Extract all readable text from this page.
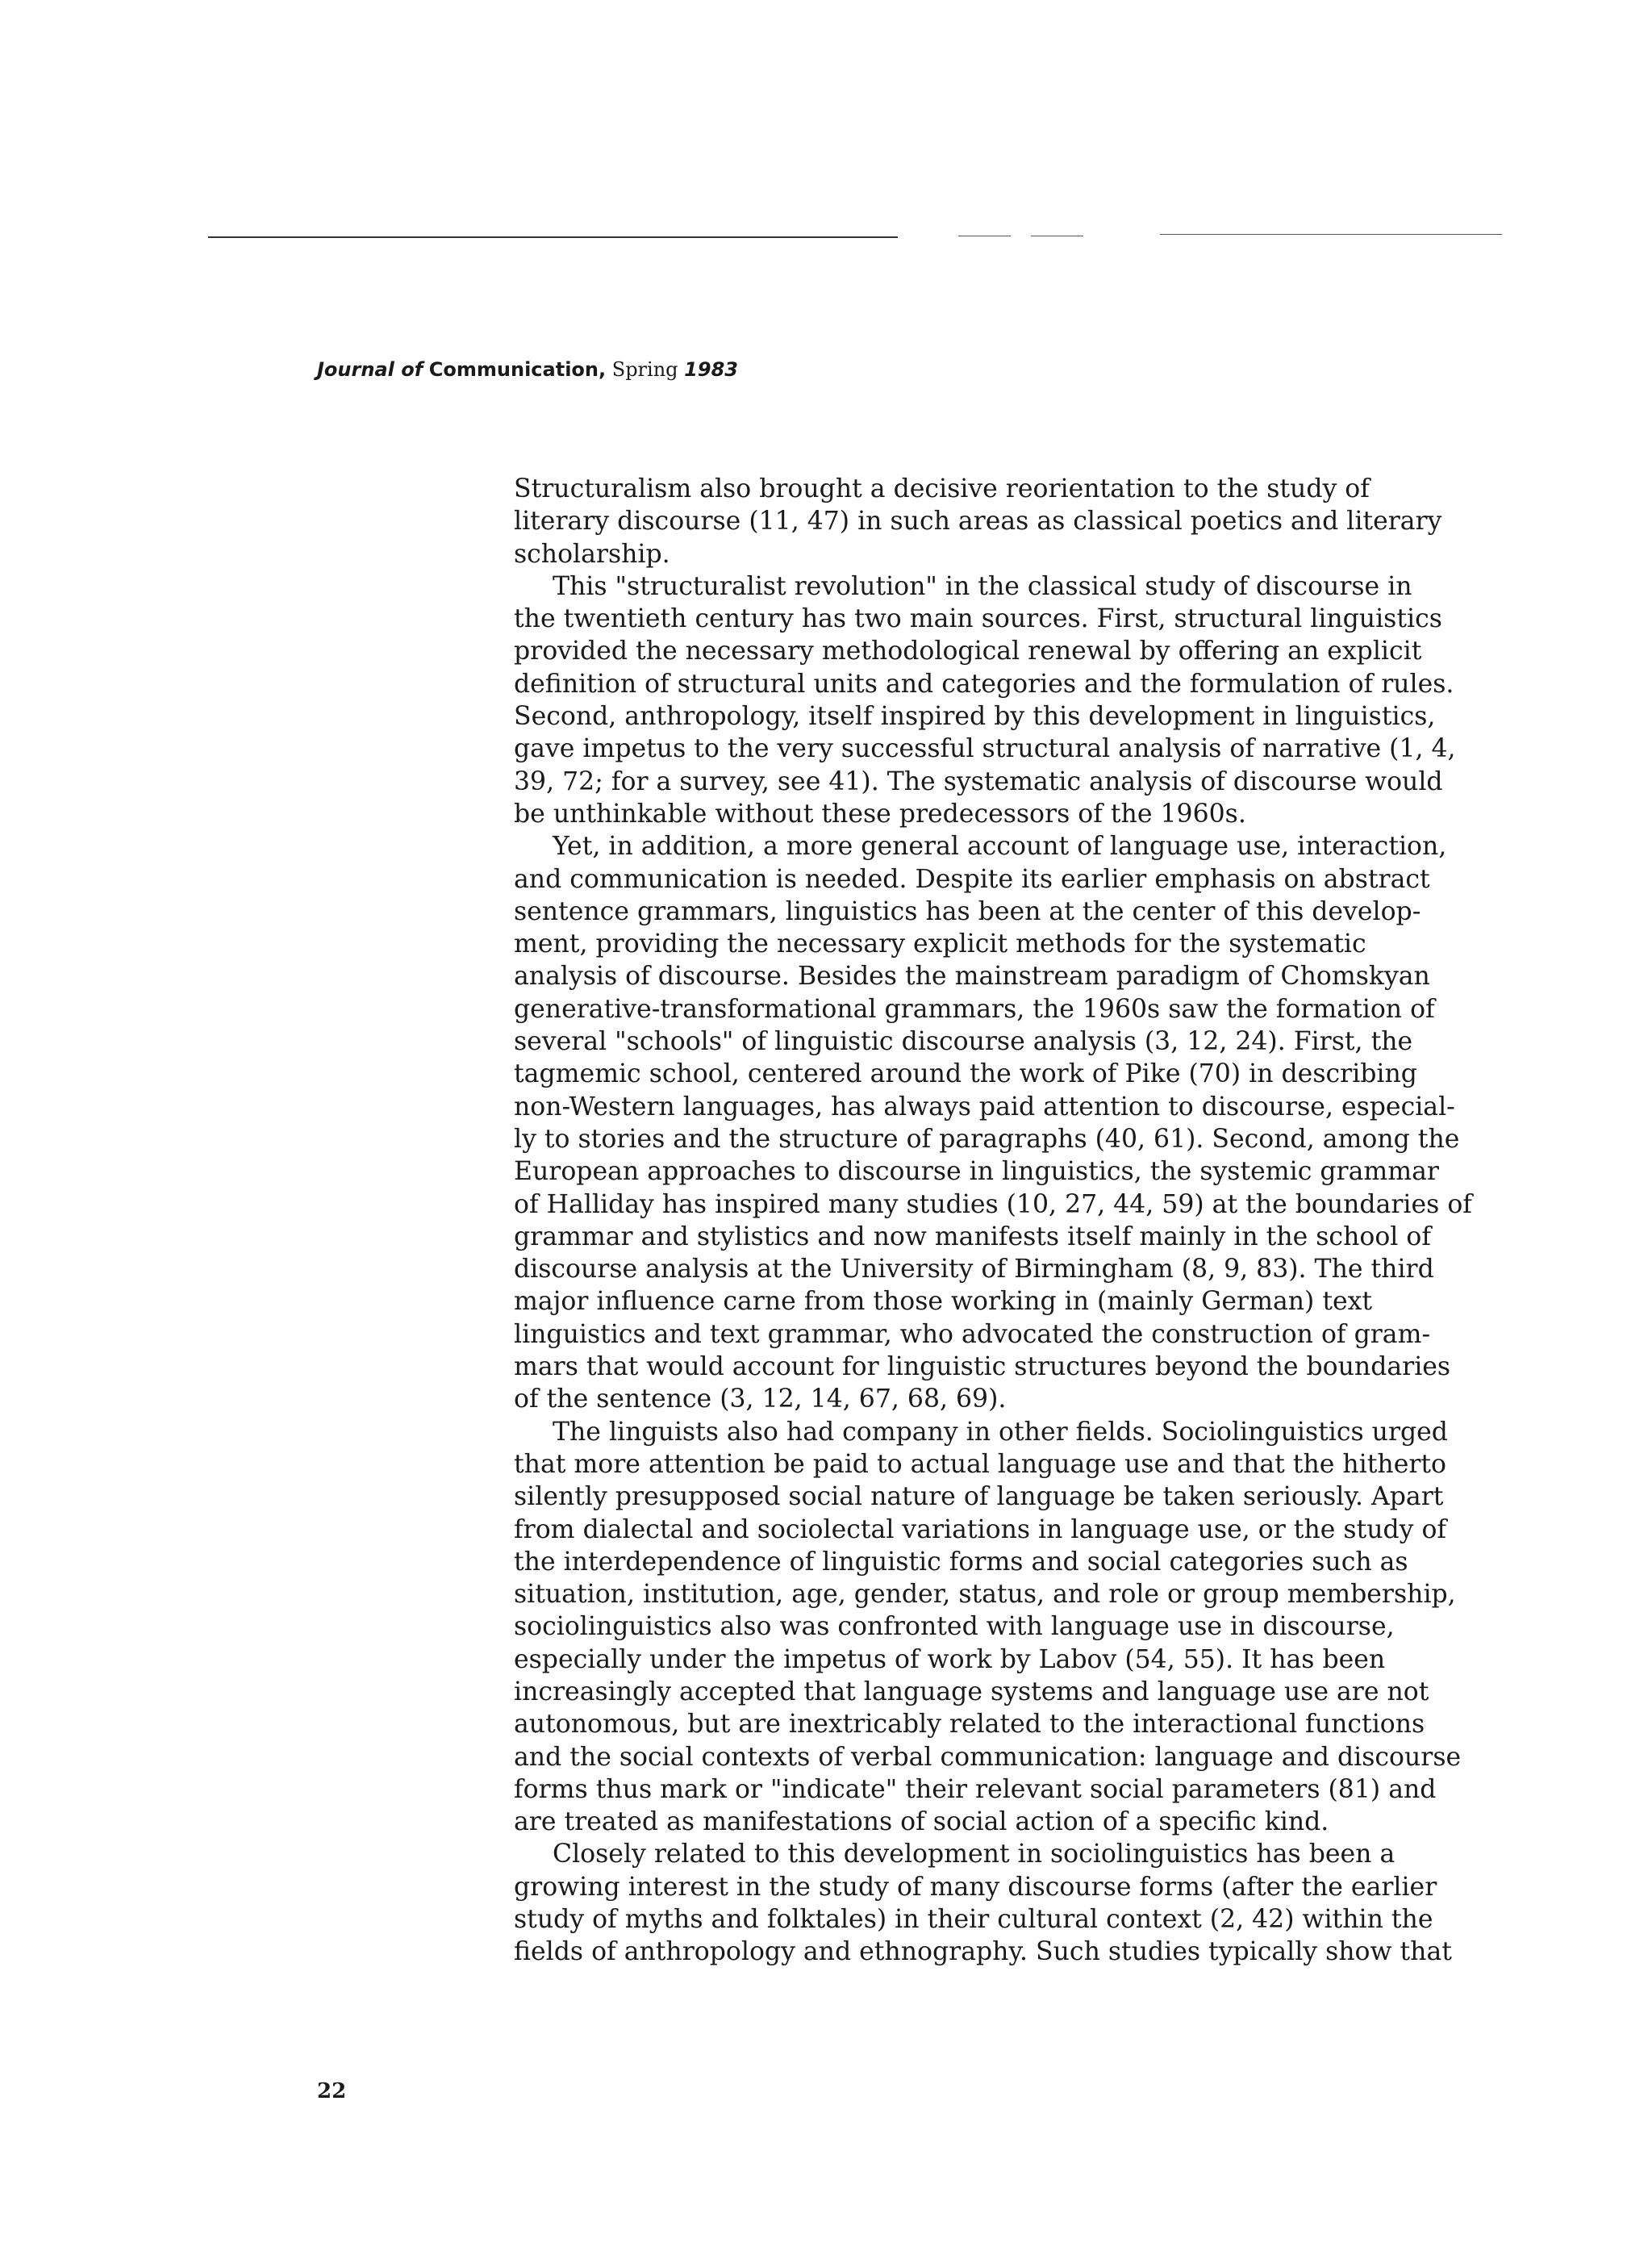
Journal of Communication, Spring 1983
Structuralism also brought a decisive reorientation to the study of
literary discourse (11, 47) in such areas as classical poetics and literary
scholarship.
This "structuralist revolution" in the classical study of discourse in
the twentieth century has two main sources. First, structural linguistics
provided the necessary methodological renewal by offering an explicit
definition of structural units and categories and the formulation of rules.
Second, anthropology, itself inspired by this development in linguistics,
gave impetus to the very successful structural analysis of narrative (1, 4,
39, 72; for a survey, see 41). The systematic analysis of discourse would
be unthinkable without these predecessors of the 1960s.
Yet, in addition, a more general account of language use, interaction,
and communication is needed. Despite its earlier emphasis on abstract
sentence grammars, linguistics has been at the center of this develop-
ment, providing the necessary explicit methods for the systematic
analysis of discourse. Besides the mainstream paradigm of Chomskyan
generative-transformational grammars, the 1960s saw the formation of
several "schools" of linguistic discourse analysis (3, 12, 24). First, the
tagmemic school, centered around the work of Pike (70) in describing
non-Western languages, has always paid attention to discourse, especial-
ly to stories and the structure of paragraphs (40, 61). Second, among the
European approaches to discourse in linguistics, the systemic grammar
of Halliday has inspired many studies (10, 27, 44, 59) at the boundaries of
grammar and stylistics and now manifests itself mainly in the school of
discourse analysis at the University of Birmingham (8, 9, 83). The third
major influence carne from those working in (mainly German) text
linguistics and text grammar, who advocated the construction of gram-
mars that would account for linguistic structures beyond the boundaries
of the sentence (3, 12, 14, 67, 68, 69).
The linguists also had company in other fields. Sociolinguistics urged
that more attention be paid to actual language use and that the hitherto
silently presupposed social nature of language be taken seriously. Apart
from dialectal and sociolectal variations in language use, or the study of
the interdependence of linguistic forms and social categories such as
situation, institution, age, gender, status, and role or group membership,
sociolinguistics also was confronted with language use in discourse,
especially under the impetus of work by Labov (54, 55). It has been
increasingly accepted that language systems and language use are not
autonomous, but are inextricably related to the interactional functions
and the social contexts of verbal communication: language and discourse
forms thus mark or "indicate" their relevant social parameters (81) and
are treated as manifestations of social action of a specific kind.
Closely related to this development in sociolinguistics has been a
growing interest in the study of many discourse forms (after the earlier
study of myths and folktales) in their cultural context (2, 42) within the
fields of anthropology and ethnography. Such studies typically show that
22
